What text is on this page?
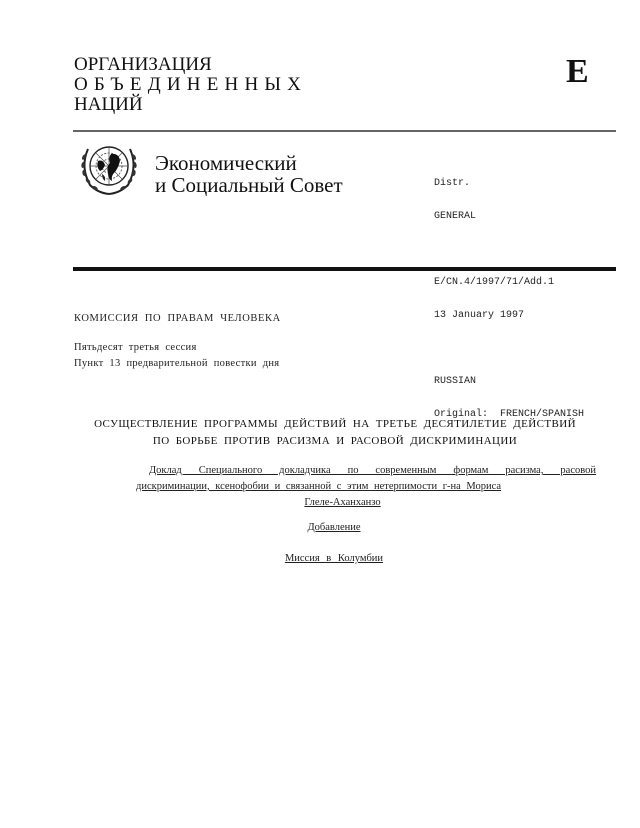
ОРГАНИЗАЦИЯ
ОБЪЕДИНЕННЫХ
НАЦИЙ
E
Экономический
и Социальный Совет

	Distr.

GENERAL

E/CN.4/1997/71/Add.1

13 January 1997

RUSSIAN

Original:  FRENCH/SPANISH

КОМИССИЯ ПО ПРАВАМ ЧЕЛОВЕКА
Пятьдесят третья сессия
Пункт 13 предварительной повестки дня
ОСУЩЕСТВЛЕНИЕ ПРОГРАММЫ ДЕЙСТВИЙ НА ТРЕТЬЕ ДЕСЯТИЛЕТИЕ ДЕЙСТВИЙ
ПО БОРЬБЕ ПРОТИВ РАСИЗМА И РАСОВОЙ ДИСКРИМИНАЦИИ
Доклад Специального докладчика по современным формам расизма, расовой
дискриминации, ксенофобии и связанной с этим нетерпимости г-на Мориса
Глеле-Аханханзо
Добавление
Миссия в Колумбии
